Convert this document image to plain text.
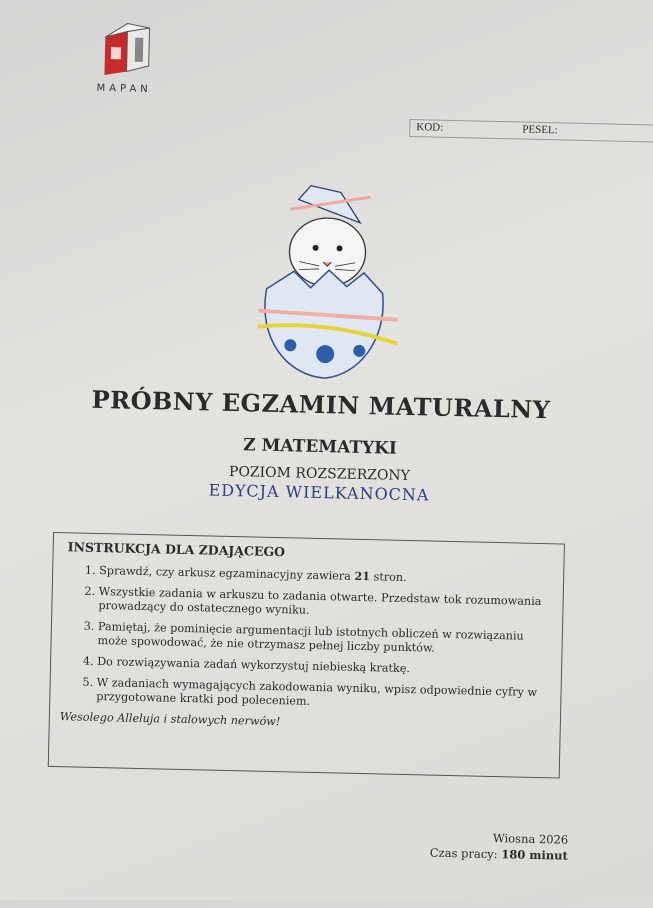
MAPAN
KOD:	PESEL:
PRÓBNY EGZAMIN MATURALNY
Z MATEMATYKI
POZIOM ROZSZERZONY
EDYCJA WIELKANOCNA
INSTRUKCJA DLA ZDAJĄCEGO
1. Sprawdź, czy arkusz egzaminacyjny zawiera 21 stron.
2. Wszystkie zadania w arkuszu to zadania otwarte. Przedstaw tok rozumowania prowadzący do ostatecznego wyniku.
3. Pamiętaj, że pominięcie argumentacji lub istotnych obliczeń w rozwiązaniu może spowodować, że nie otrzymasz pełnej liczby punktów.
4. Do rozwiązywania zadań wykorzystuj niebieską kratkę.
5. W zadaniach wymagających zakodowania wyniku, wpisz odpowiednie cyfry w przygotowane kratki pod poleceniem.
Wesolego Alleluja i stalowych nerwów!
Wiosna 2026
Czas pracy: 180 minut
